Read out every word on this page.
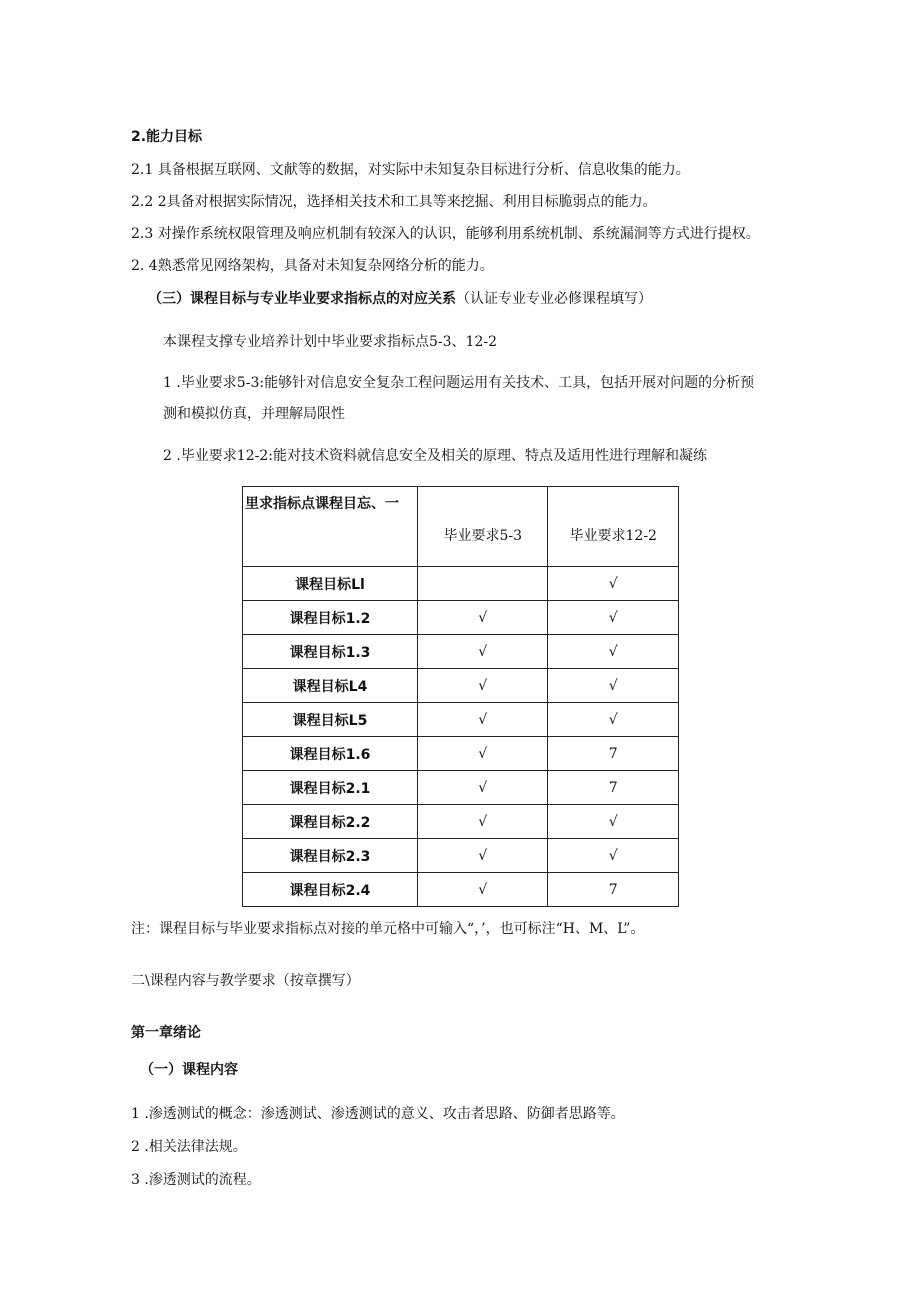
2.能力目标
2.1 具备根据互联网、文献等的数据，对实际中未知复杂目标进行分析、信息收集的能力。
2.2 2具备对根据实际情况，选择相关技术和工具等来挖掘、利用目标脆弱点的能力。
2.3 对操作系统权限管理及响应机制有较深入的认识，能够利用系统机制、系统漏洞等方式进行提权。
2. 4熟悉常见网络架构，具备对未知复杂网络分析的能力。
（三）课程目标与专业毕业要求指标点的对应关系（认证专业专业必修课程填写）
本课程支撑专业培养计划中毕业要求指标点5-3、12-2
1 .毕业要求5-3:能够针对信息安全复杂工程问题运用有关技术、工具，包括开展对问题的分析预
测和模拟仿真，并理解局限性
2 .毕业要求12-2:能对技术资料就信息安全及相关的原理、特点及适用性进行理解和凝练
里求指标点课程目忘、一	毕业要求5-3	毕业要求12-2
课程目标Ll		√
课程目标1.2	√	√
课程目标1.3	√	√
课程目标L4	√	√
课程目标L5	√	√
课程目标1.6	√	7
课程目标2.1	√	7
课程目标2.2	√	√
课程目标2.3	√	√
课程目标2.4	√	7
注：课程目标与毕业要求指标点对接的单元格中可输入“，’，也可标注“H、M、L”。
二\课程内容与教学要求（按章撰写）
第一章绪论
（一）课程内容
1 .渗透测试的概念：渗透测试、渗透测试的意义、攻击者思路、防御者思路等。
2 .相关法律法规。
3 .渗透测试的流程。
